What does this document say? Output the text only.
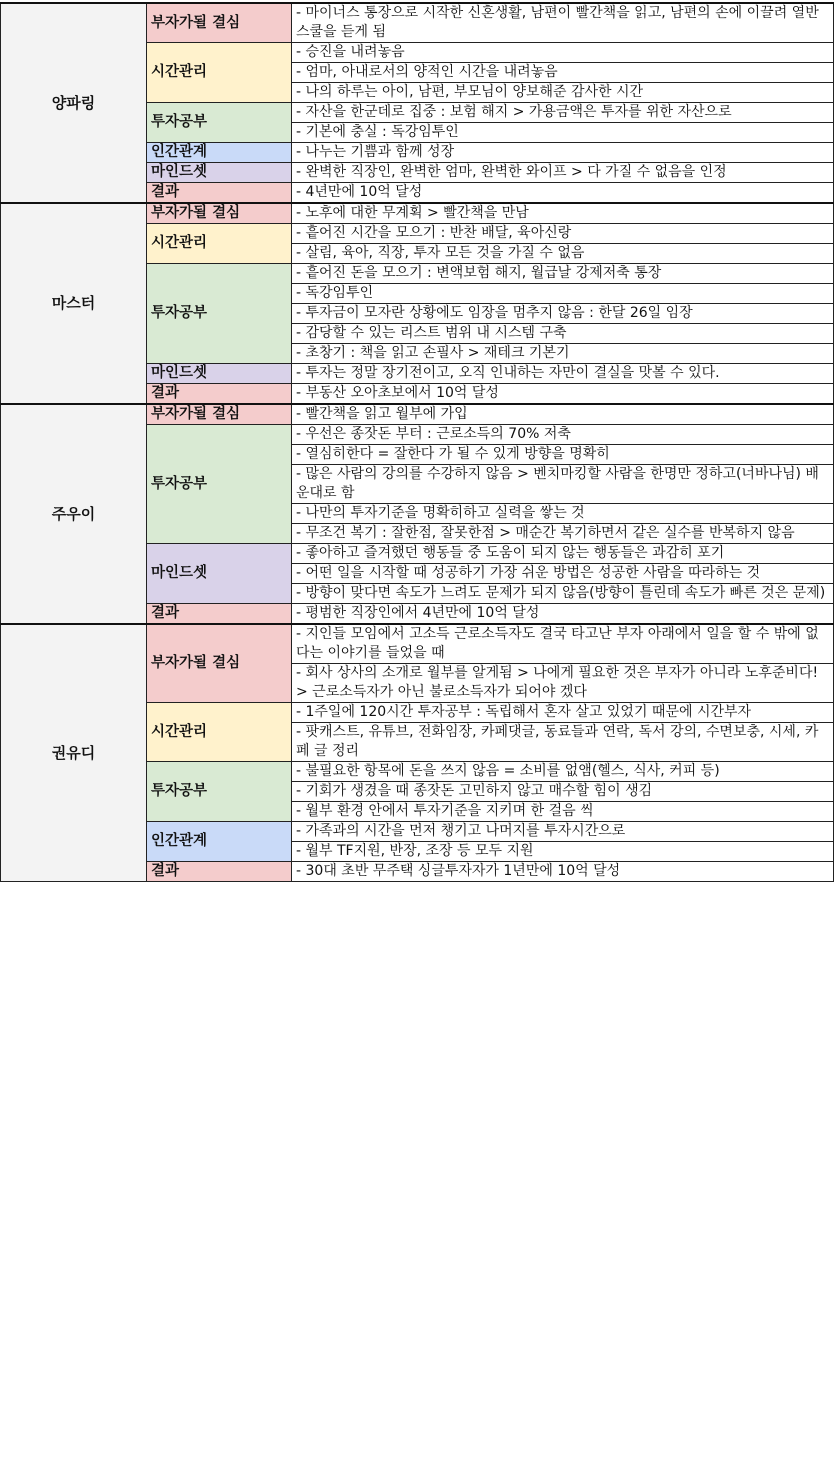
양파링	부자가될 결심	- 마이너스 통장으로 시작한 신혼생활, 남편이 빨간책을 읽고, 남편의 손에 이끌려 열반스쿨을 듣게 됨
	시간관리	- 승진을 내려놓음
		- 엄마, 아내로서의 양적인 시간을 내려놓음
		- 나의 하루는 아이, 남편, 부모님이 양보해준 감사한 시간
	투자공부	- 자산을 한군데로 집중 : 보험 해지 > 가용금액은 투자를 위한 자산으로
		- 기본에 충실 : 독강임투인
	인간관계	- 나누는 기쁨과 함께 성장
	마인드셋	- 완벽한 직장인, 완벽한 엄마, 완벽한 와이프 > 다 가질 수 없음을 인정
	결과	- 4년만에 10억 달성
마스터	부자가될 결심	- 노후에 대한 무계획 > 빨간책을 만남
	시간관리	- 흩어진 시간을 모으기 : 반찬 배달, 육아신랑
		- 살림, 육아, 직장, 투자 모든 것을 가질 수 없음
	투자공부	- 흩어진 돈을 모으기 : 변액보험 해지, 월급날 강제저축 통장
		- 독강임투인
		- 투자금이 모자란 상황에도 임장을 멈추지 않음 : 한달 26일 임장
		- 감당할 수 있는 리스트 범위 내 시스템 구축
		- 초창기 : 책을 읽고 손필사 > 재테크 기본기
	마인드셋	- 투자는 정말 장기전이고, 오직 인내하는 자만이 결실을 맛볼 수 있다.
	결과	- 부동산 오아초보에서 10억 달성
주우이	부자가될 결심	- 빨간책을 읽고 월부에 가입
	투자공부	- 우선은 종잣돈 부터 : 근로소득의 70% 저축
		- 열심히한다 = 잘한다 가 될 수 있게 방향을 명확히
		- 많은 사람의 강의를 수강하지 않음 > 벤치마킹할 사람을 한명만 정하고(너바나님) 배운대로 함
		- 나만의 투자기준을 명확히하고 실력을 쌓는 것
		- 무조건 복기 : 잘한점, 잘못한점 > 매순간 복기하면서 같은 실수를 반복하지 않음
	마인드셋	- 좋아하고 즐겨했던 행동들 중 도움이 되지 않는 행동들은 과감히 포기
		- 어떤 일을 시작할 때 성공하기 가장 쉬운 방법은 성공한 사람을 따라하는 것
		- 방향이 맞다면 속도가 느려도 문제가 되지 않음(방향이 틀린데 속도가 빠른 것은 문제)
	결과	- 평범한 직장인에서 4년만에 10억 달성
권유디	부자가될 결심	- 지인들 모임에서 고소득 근로소득자도 결국 타고난 부자 아래에서 일을 할 수 밖에 없다는 이야기를 들었을 때
		- 회사 상사의 소개로 월부를 알게됨 > 나에게 필요한 것은 부자가 아니라 노후준비다! > 근로소득자가 아닌 불로소득자가 되어야 겠다
	시간관리	- 1주일에 120시간 투자공부 : 독립해서 혼자 살고 있었기 때문에 시간부자
		- 팟캐스트, 유튜브, 전화임장, 카페댓글, 동료들과 연락, 독서 강의, 수면보충, 시세, 카페 글 정리
	투자공부	- 불필요한 항목에 돈을 쓰지 않음 = 소비를 없앰(헬스, 식사, 커피 등)
		- 기회가 생겼을 때 종잣돈 고민하지 않고 매수할 힘이 생김
		- 월부 환경 안에서 투자기준을 지키며 한 걸음 씩
	인간관계	- 가족과의 시간을 먼저 챙기고 나머지를 투자시간으로
		- 월부 TF지원, 반장, 조장 등 모두 지원
	결과	- 30대 초반 무주택 싱글투자자가 1년만에 10억 달성
